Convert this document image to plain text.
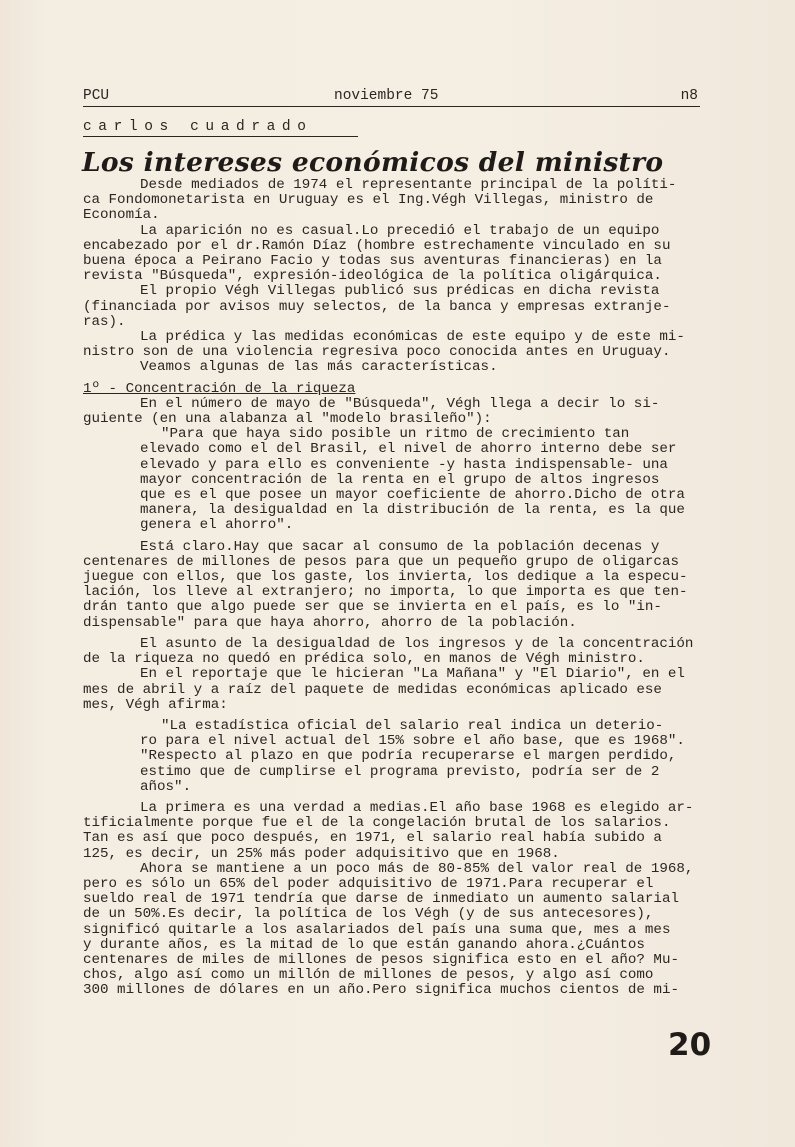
PCU	noviembre 75	n8
carlos cuadrado
Los intereses económicos del ministro
Desde mediados de 1974 el representante principal de la políti-
ca Fondomonetarista en Uruguay es el Ing.Végh Villegas, ministro de
Economía.
La aparición no es casual.Lo precedió el trabajo de un equipo
encabezado por el dr.Ramón Díaz (hombre estrechamente vinculado en su
buena época a Peirano Facio y todas sus aventuras financieras) en la
revista "Búsqueda", expresión-ideológica de la política oligárquica.
El propio Végh Villegas publicó sus prédicas en dicha revista
(financiada por avisos muy selectos, de la banca y empresas extranje-
ras).
La prédica y las medidas económicas de este equipo y de este mi-
nistro son de una violencia regresiva poco conocida antes en Uruguay.
Veamos algunas de las más características.
1º - Concentración de la riqueza
En el número de mayo de "Búsqueda", Végh llega a decir lo si-
guiente (en una alabanza al "modelo brasileño"):
"Para que haya sido posible un ritmo de crecimiento tan
elevado como el del Brasil, el nivel de ahorro interno debe ser
elevado y para ello es conveniente -y hasta indispensable- una
mayor concentración de la renta en el grupo de altos ingresos
que es el que posee un mayor coeficiente de ahorro.Dicho de otra
manera, la desigualdad en la distribución de la renta, es la que
genera el ahorro".
Está claro.Hay que sacar al consumo de la población decenas y
centenares de millones de pesos para que un pequeño grupo de oligarcas
juegue con ellos, que los gaste, los invierta, los dedique a la especu-
lación, los lleve al extranjero; no importa, lo que importa es que ten-
drán tanto que algo puede ser que se invierta en el país, es lo "in-
dispensable" para que haya ahorro, ahorro de la población.
El asunto de la desigualdad de los ingresos y de la concentración
de la riqueza no quedó en prédica solo, en manos de Végh ministro.
En el reportaje que le hicieran "La Mañana" y "El Diario", en el
mes de abril y a raíz del paquete de medidas económicas aplicado ese
mes, Végh afirma:
"La estadística oficial del salario real indica un deterio-
ro para el nivel actual del 15% sobre el año base, que es 1968".
"Respecto al plazo en que podría recuperarse el margen perdido,
estimo que de cumplirse el programa previsto, podría ser de 2
años".
La primera es una verdad a medias.El año base 1968 es elegido ar-
tificialmente porque fue el de la congelación brutal de los salarios.
Tan es así que poco después, en 1971, el salario real había subido a
125, es decir, un 25% más poder adquisitivo que en 1968.
Ahora se mantiene a un poco más de 80-85% del valor real de 1968,
pero es sólo un 65% del poder adquisitivo de 1971.Para recuperar el
sueldo real de 1971 tendría que darse de inmediato un aumento salarial
de un 50%.Es decir, la política de los Végh (y de sus antecesores),
significó quitarle a los asalariados del país una suma que, mes a mes
y durante años, es la mitad de lo que están ganando ahora.¿Cuántos
centenares de miles de millones de pesos significa esto en el año? Mu-
chos, algo así como un millón de millones de pesos, y algo así como
300 millones de dólares en un año.Pero significa muchos cientos de mi-
20
